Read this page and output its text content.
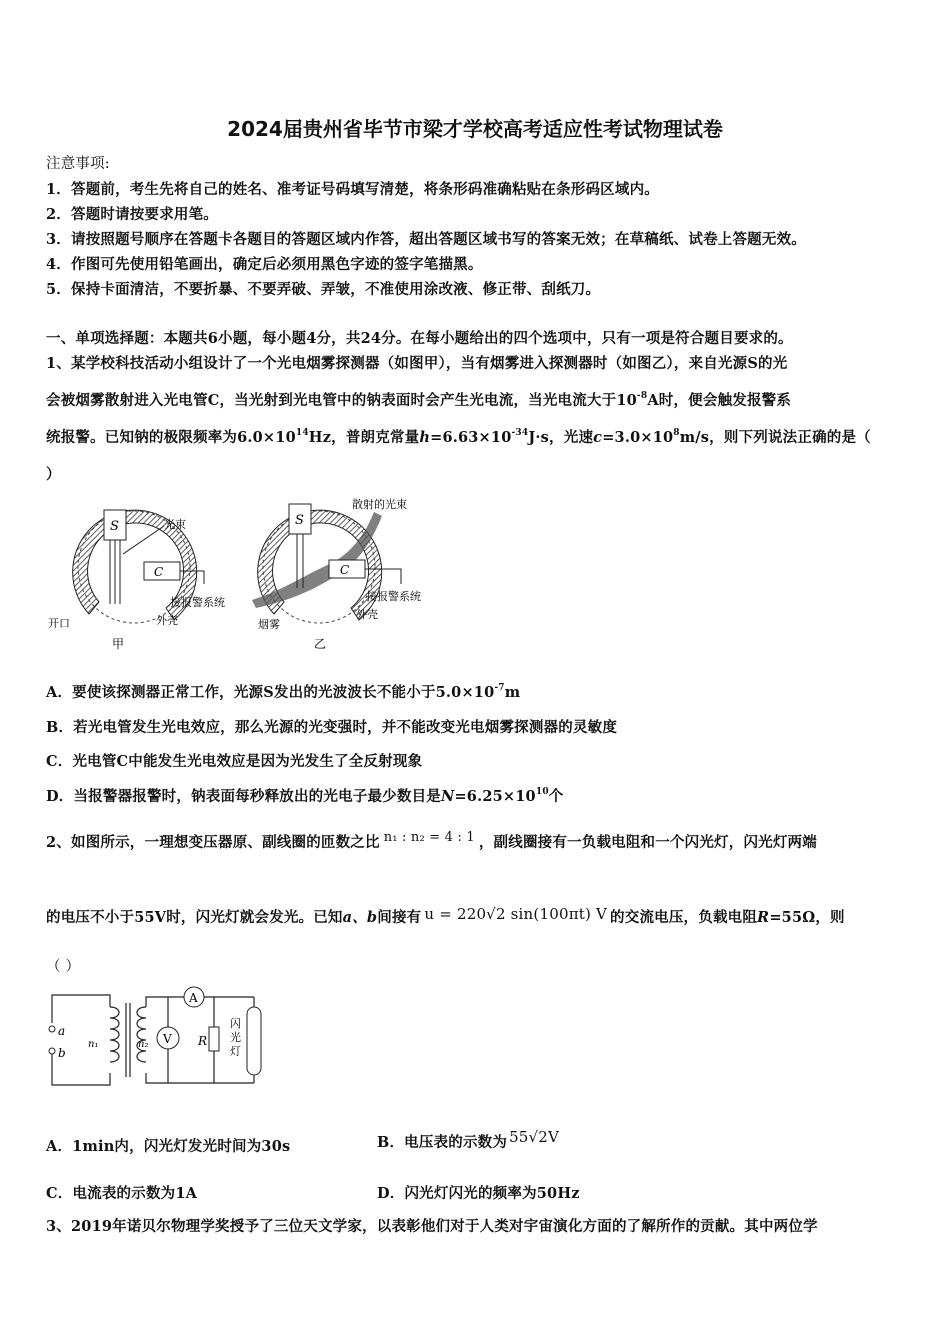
2024届贵州省毕节市梁才学校高考适应性考试物理试卷
注意事项:
1．答题前，考生先将自己的姓名、准考证号码填写清楚，将条形码准确粘贴在条形码区域内。
2．答题时请按要求用笔。
3．请按照题号顺序在答题卡各题目的答题区域内作答，超出答题区域书写的答案无效；在草稿纸、试卷上答题无效。
4．作图可先使用铅笔画出，确定后必须用黑色字迹的签字笔描黑。
5．保持卡面清洁，不要折暴、不要弄破、弄皱，不准使用涂改液、修正带、刮纸刀。
一、单项选择题：本题共6小题，每小题4分，共24分。在每小题给出的四个选项中，只有一项是符合题目要求的。
1、某学校科技活动小组设计了一个光电烟雾探测器（如图甲），当有烟雾进入探测器时（如图乙），来自光源S的光
会被烟雾散射进入光电管C，当光射到光电管中的钠表面时会产生光电流，当光电流大于$10^{-8}A$时，便会触发报警系
统报警。已知钠的极限频率为$6.0\times 10^{14}Hz$，普朗克常量$h=6.63\times 10^{-34}J\cdot s$，光速$c=3.0\times 10^8m/s$，则下列说法正确的是（
）
S
C
光束
接报警系统
外壳
开口
甲
S
C
散射的光束
接报警系统
外壳
烟雾
乙
A．要使该探测器正常工作，光源S发出的光波波长不能小于$5.0\times 10^{-7}m$
B．若光电管发生光电效应，那么光源的光变强时，并不能改变光电烟雾探测器的灵敏度
C．光电管C中能发生光电效应是因为光发生了全反射现象
D．当报警器报警时，钠表面每秒释放出的光电子最少数目是$N=6.25\times 10^{10}$个
2、如图所示，一理想变压器原、副线圈的匝数之比 n₁ : n₂ = 4 : 1 ，副线圈接有一负载电阻和一个闪光灯，闪光灯两端
的电压不小于55V时，闪光灯就会发光。已知a、b间接有 u = 220√2 sin(100πt) V 的交流电压，负载电阻R=55Ω，则
（ ）
a
b
n₁	n₂
A
V R
闪光灯
A．1min内，闪光灯发光时间为30s	B．电压表的示数为 55√2V
C．电流表的示数为1A	D．闪光灯闪光的频率为50Hz
3、2019年诺贝尔物理学奖授予了三位天文学家，以表彰他们对于人类对宇宙演化方面的了解所作的贡献。其中两位学
